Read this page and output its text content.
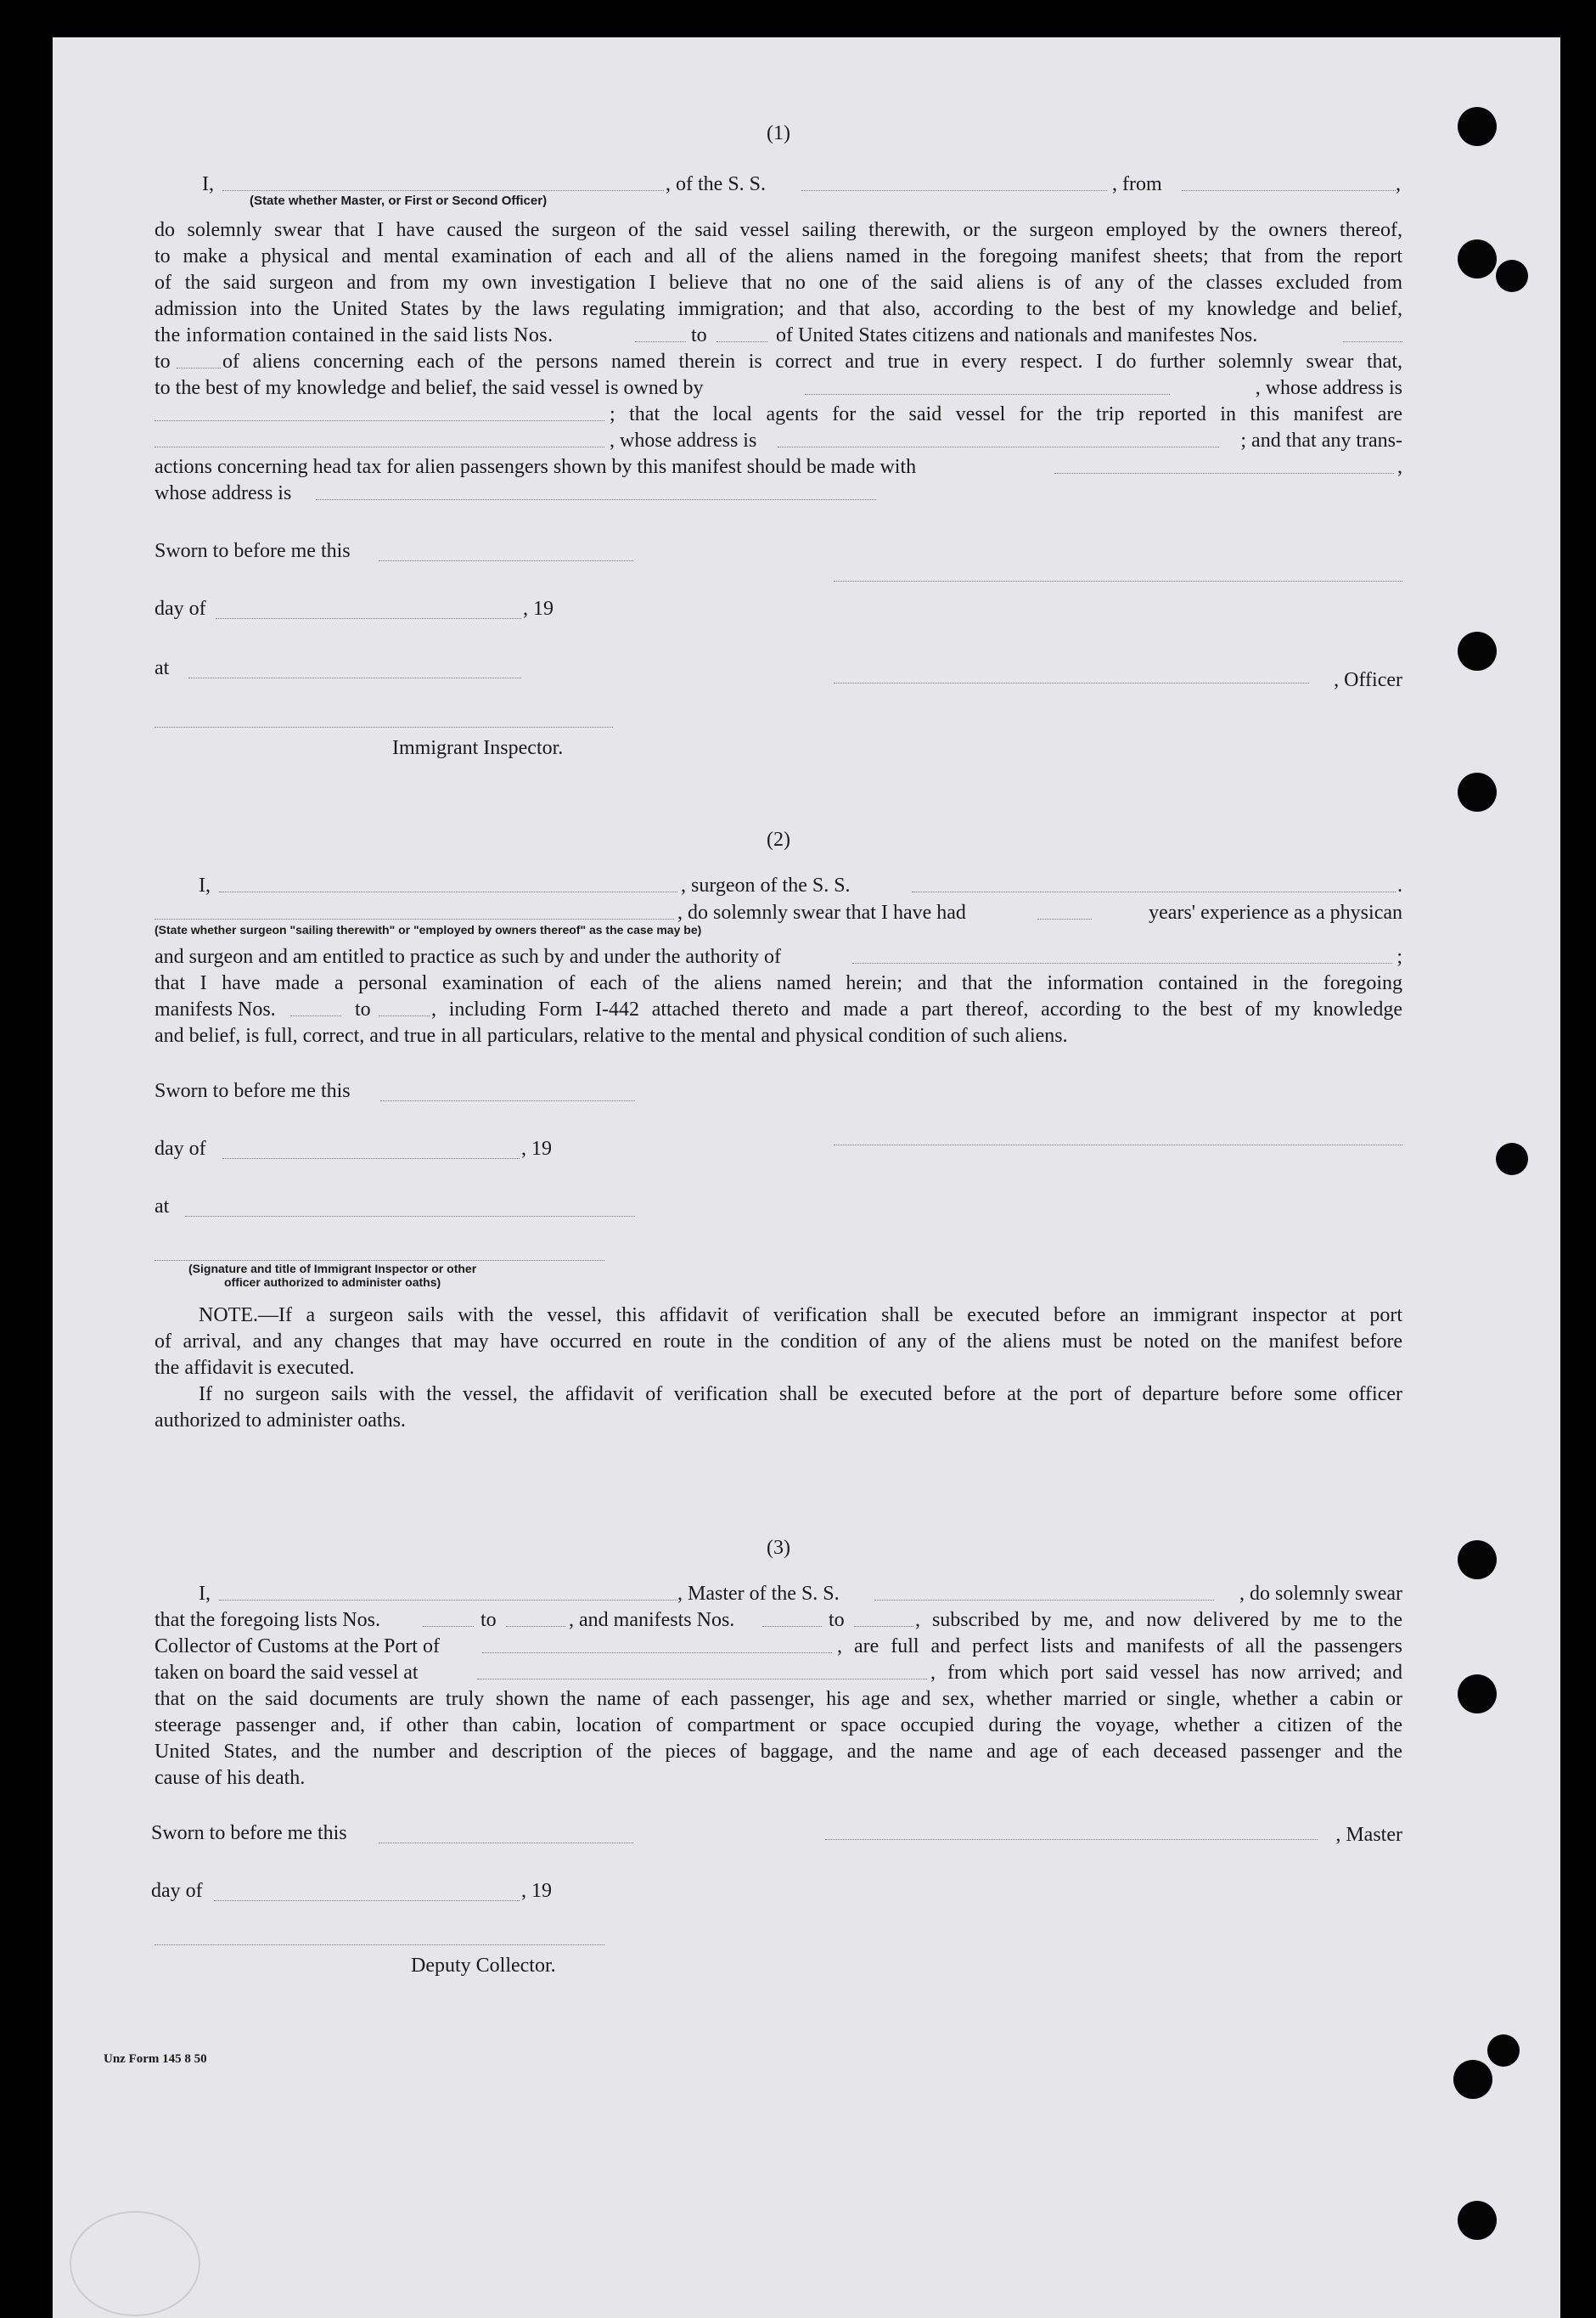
(1)
I,	, of the S. S.	, from	,
(State whether Master, or First or Second Officer)
do solemnly swear that I have caused the surgeon of the said vessel sailing therewith, or the surgeon employed by the owners thereof,
to make a physical and mental examination of each and all of the aliens named in the foregoing manifest sheets; that from the report
of the said surgeon and from my own investigation I believe that no one of the said aliens is of any of the classes excluded from
admission into the United States by the laws regulating immigration; and that also, according to the best of my knowledge and belief,
the information contained in the said lists Nos.	to	of United States citizens and nationals and manifestes Nos.
to	of aliens concerning each of the persons named therein is correct and true in every respect. I do further solemnly swear that,
to the best of my knowledge and belief, the said vessel is owned by	, whose address is
; that the local agents for the said vessel for the trip reported in this manifest are
, whose address is	; and that any trans-
actions concerning head tax for alien passengers shown by this manifest should be made with	,
whose address is
Sworn to before me this
day of	, 19
at
, Officer
Immigrant Inspector.
(2)
I,	, surgeon of the S. S.	.
, do solemnly swear that I have had	years' experience as a physican
(State whether surgeon "sailing therewith" or "employed by owners thereof" as the case may be)
and surgeon and am entitled to practice as such by and under the authority of	;
that I have made a personal examination of each of the aliens named herein; and that the information contained in the foregoing
manifests Nos.	to	, including Form I-442 attached thereto and made a part thereof, according to the best of my knowledge
and belief, is full, correct, and true in all particulars, relative to the mental and physical condition of such aliens.
Sworn to before me this
day of	, 19
at
(Signature and title of Immigrant Inspector or other
officer authorized to administer oaths)
NOTE.—If a surgeon sails with the vessel, this affidavit of verification shall be executed before an immigrant inspector at port
of arrival, and any changes that may have occurred en route in the condition of any of the aliens must be noted on the manifest before
the affidavit is executed.
If no surgeon sails with the vessel, the affidavit of verification shall be executed before at the port of departure before some officer
authorized to administer oaths.
(3)
I,	, Master of the S. S.	, do solemnly swear
that the foregoing lists Nos.	to	, and manifests Nos.	to	, subscribed by me, and now delivered by me to the
Collector of Customs at the Port of	, are full and perfect lists and manifests of all the passengers
taken on board the said vessel at	, from which port said vessel has now arrived; and
that on the said documents are truly shown the name of each passenger, his age and sex, whether married or single, whether a cabin or
steerage passenger and, if other than cabin, location of compartment or space occupied during the voyage, whether a citizen of the
United States, and the number and description of the pieces of baggage, and the name and age of each deceased passenger and the
cause of his death.
Sworn to before me this	, Master
day of	, 19
Deputy Collector.
Unz Form 145 8 50
